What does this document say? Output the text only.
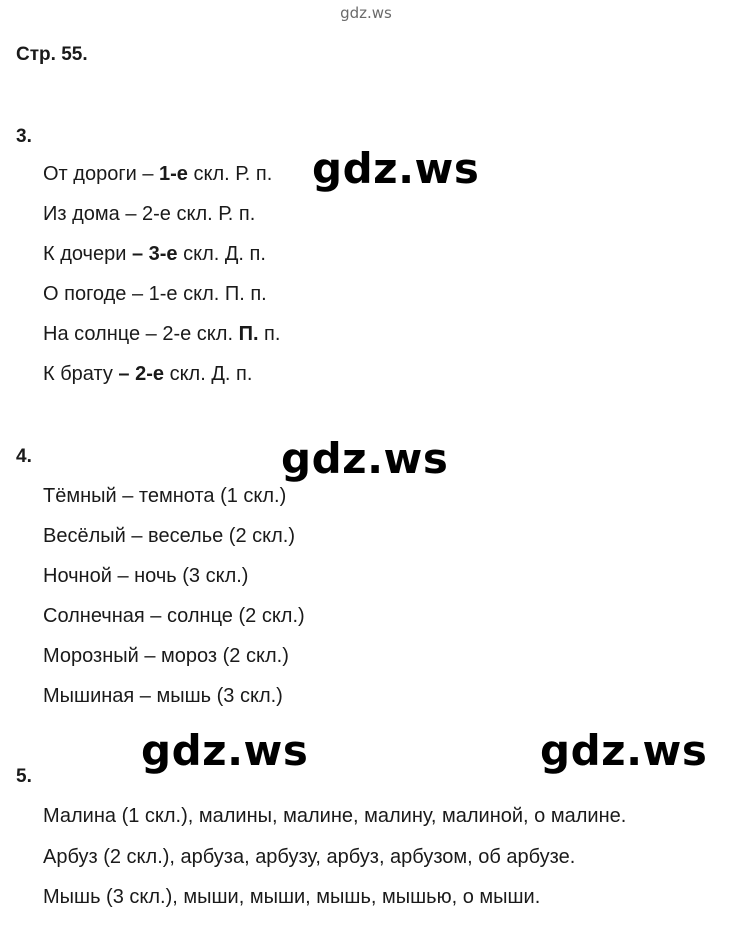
gdz.ws
Стр. 55.
3.
От дороги – 1-е скл. Р. п.
Из дома – 2-е скл. Р. п.
К дочери – 3-е скл. Д. п.
О погоде – 1-е скл. П. п.
На солнце – 2-е скл. П. п.
К брату – 2-е скл. Д. п.
4.
Тёмный – темнота (1 скл.)
Весёлый – веселье (2 скл.)
Ночной – ночь (3 скл.)
Солнечная – солнце (2 скл.)
Морозный – мороз (2 скл.)
Мышиная – мышь (3 скл.)
5.
Малина (1 скл.), малины, малине, малину, малиной, о малине.
Арбуз (2 скл.), арбуза, арбузу, арбуз, арбузом, об арбузе.
Мышь (3 скл.), мыши, мыши, мышь, мышью, о мыши.
gdz.ws
gdz.ws
gdz.ws	gdz.ws
